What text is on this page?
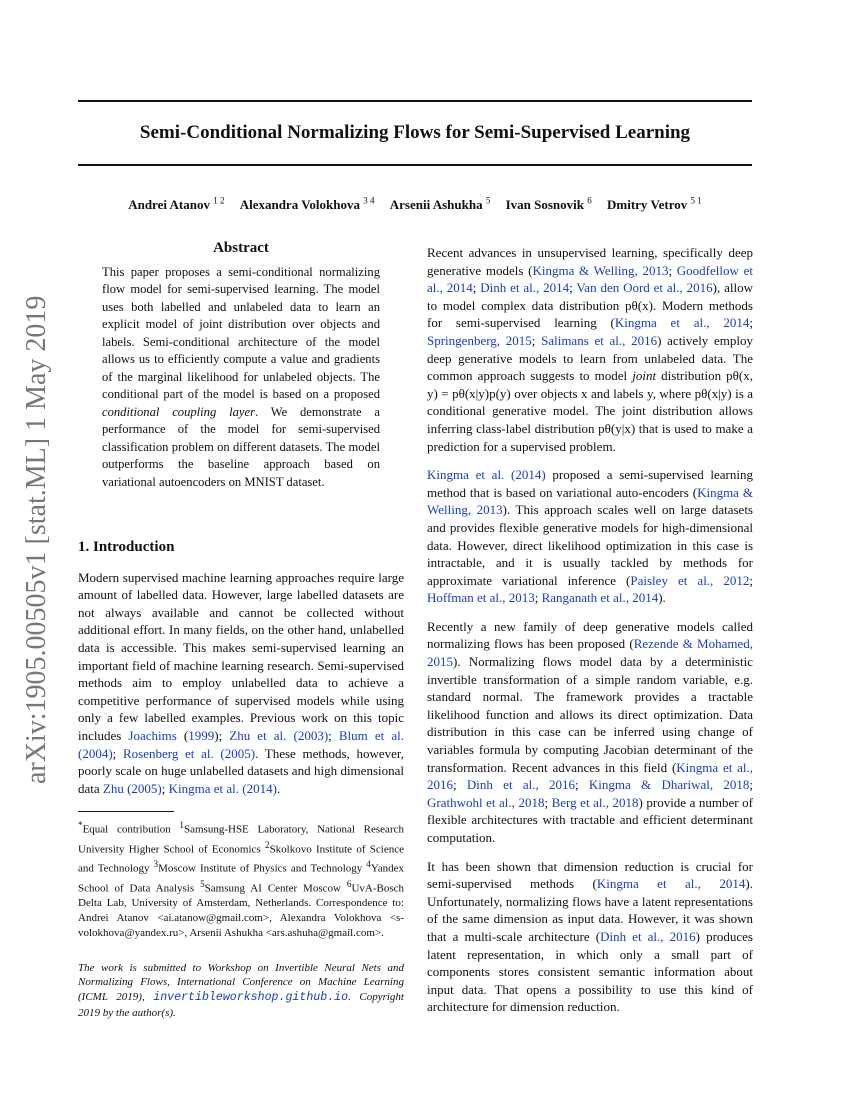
Semi-Conditional Normalizing Flows for Semi-Supervised Learning
Andrei Atanov $^{1 2}$ Alexandra Volokhova $^{3 4}$ Arsenii Ashukha $^5$ Ivan Sosnovik $^6$ Dmitry Vetrov $^{5 1}$
arXiv:1905.00505v1 [stat.ML] 1 May 2019
Abstract
This paper proposes a semi-conditional normalizing flow model for semi-supervised learning. The model uses both labelled and unlabeled data to learn an explicit model of joint distribution over objects and labels. Semi-conditional architecture of the model allows us to efficiently compute a value and gradients of the marginal likelihood for unlabeled objects. The conditional part of the model is based on a proposed conditional coupling layer. We demonstrate a performance of the model for semi-supervised classification problem on different datasets. The model outperforms the baseline approach based on variational autoencoders on MNIST dataset.
1. Introduction

Modern supervised machine learning approaches require large amount of labelled data. However, large labelled datasets are not always available and cannot be collected without additional effort. In many fields, on the other hand, unlabelled data is accessible. This makes semi-supervised learning an important field of machine learning research. Semi-supervised methods aim to employ unlabelled data to achieve a competitive performance of supervised models while using only a few labelled examples. Previous work on this topic includes Joachims (1999); Zhu et al. (2003); Blum et al. (2004); Rosenberg et al. (2005). These methods, however, poorly scale on huge unlabelled datasets and high dimensional data Zhu (2005); Kingma et al. (2014).

*Equal contribution $^1$Samsung-HSE Laboratory, National Research University Higher School of Economics $^2$Skolkovo Institute of Science and Technology $^3$Moscow Institute of Physics and Technology $^4$Yandex School of Data Analysis $^5$Samsung AI Center Moscow $^6$UvA-Bosch Delta Lab, University of Amsterdam, Netherlands. Correspondence to: Andrei Atanov <ai.atanow@gmail.com>, Alexandra Volokhova <s-volokhova@yandex.ru>, Arsenii Ashukha <ars.ashuha@gmail.com>.
The work is submitted to Workshop on Invertible Neural Nets and Normalizing Flows, International Conference on Machine Learning (ICML 2019), invertibleworkshop.github.io. Copyright 2019 by the author(s).

Recent advances in unsupervised learning, specifically deep generative models (Kingma & Welling, 2013; Goodfellow et al., 2014; Dinh et al., 2014; Van den Oord et al., 2016), allow to model complex data distribution pθ(x). Modern methods for semi-supervised learning (Kingma et al., 2014; Springenberg, 2015; Salimans et al., 2016) actively employ deep generative models to learn from unlabeled data. The common approach suggests to model joint distribution pθ(x, y) = pθ(x|y)p(y) over objects x and labels y, where pθ(x|y) is a conditional generative model. The joint distribution allows inferring class-label distribution pθ(y|x) that is used to make a prediction for a supervised problem.

Kingma et al. (2014) proposed a semi-supervised learning method that is based on variational auto-encoders (Kingma & Welling, 2013). This approach scales well on large datasets and provides flexible generative models for high-dimensional data. However, direct likelihood optimization in this case is intractable, and it is usually tackled by methods for approximate variational inference (Paisley et al., 2012; Hoffman et al., 2013; Ranganath et al., 2014).

Recently a new family of deep generative models called normalizing flows has been proposed (Rezende & Mohamed, 2015). Normalizing flows model data by a deterministic invertible transformation of a simple random variable, e.g. standard normal. The framework provides a tractable likelihood function and allows its direct optimization. Data distribution in this case can be inferred using change of variables formula by computing Jacobian determinant of the transformation. Recent advances in this field (Kingma et al., 2016; Dinh et al., 2016; Kingma & Dhariwal, 2018; Grathwohl et al., 2018; Berg et al., 2018) provide a number of flexible architectures with tractable and efficient determinant computation.

It has been shown that dimension reduction is crucial for semi-supervised methods (Kingma et al., 2014). Unfortunately, normalizing flows have a latent representations of the same dimension as input data. However, it was shown that a multi-scale architecture (Dinh et al., 2016) produces latent representation, in which only a small part of components stores consistent semantic information about input data. That opens a possibility to use this kind of architecture for dimension reduction.
